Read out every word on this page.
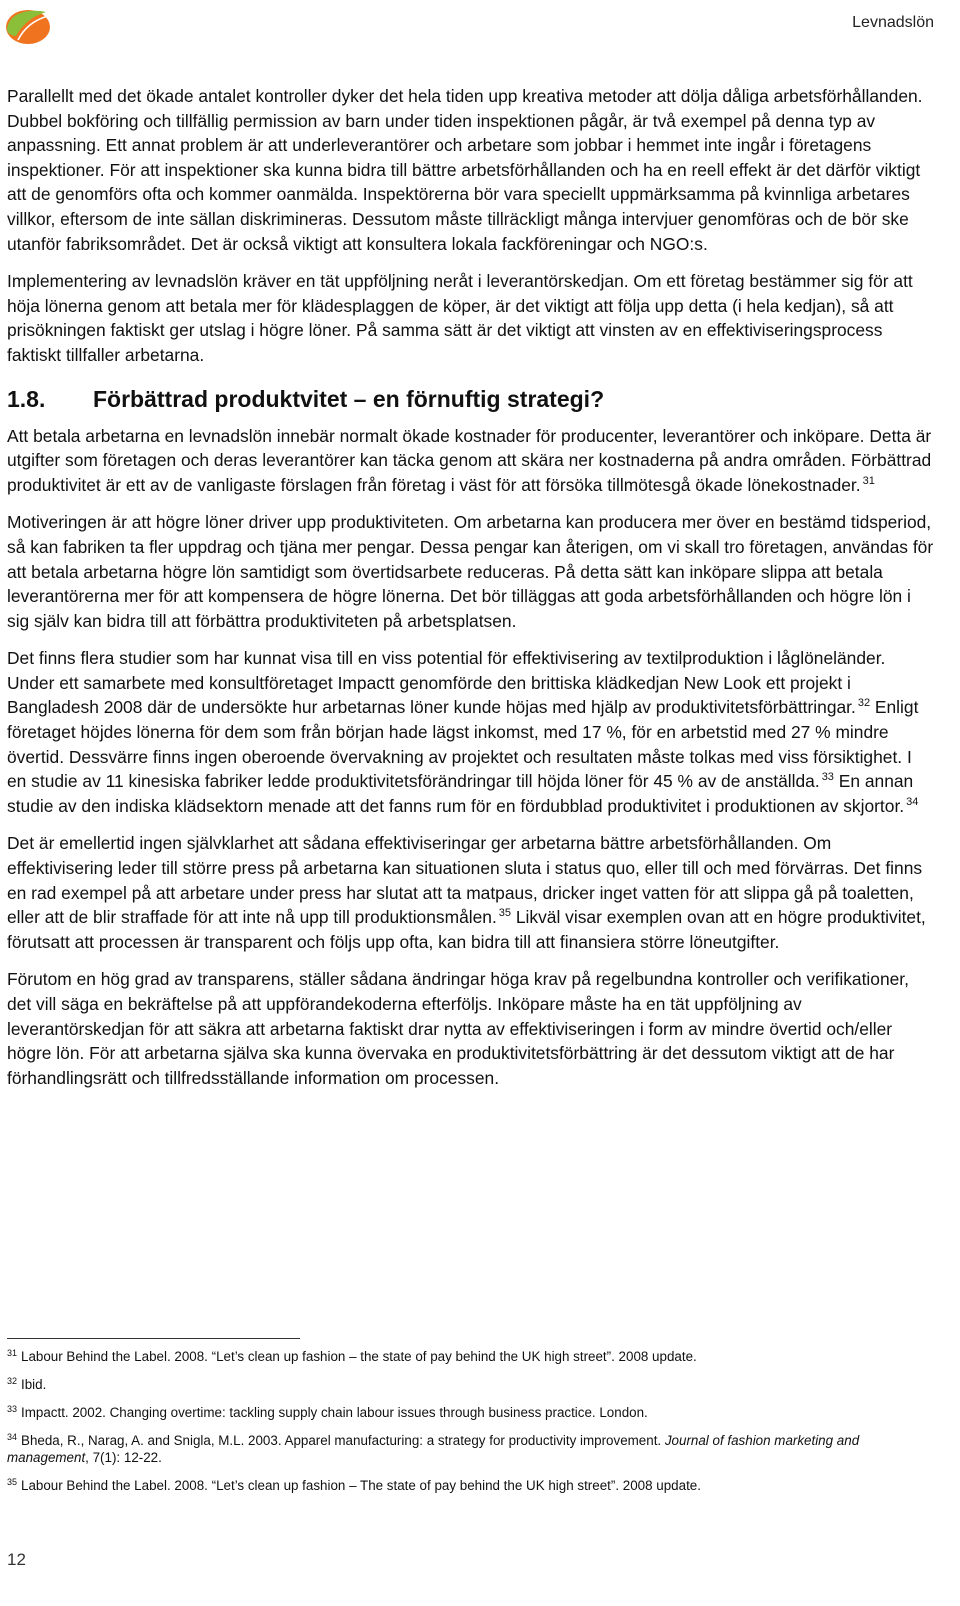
Levnadslön

Parallellt med det ökade antalet kontroller dyker det hela tiden upp kreativa metoder att dölja dåliga arbetsförhållanden. Dubbel bokföring och tillfällig permission av barn under tiden inspektionen pågår, är två exempel på denna typ av anpassning. Ett annat problem är att underleverantörer och arbetare som jobbar i hemmet inte ingår i företagens inspektioner. För att inspektioner ska kunna bidra till bättre arbetsförhållanden och ha en reell effekt är det därför viktigt att de genomförs ofta och kommer oanmälda. Inspektörerna bör vara speciellt uppmärksamma på kvinnliga arbetares villkor, eftersom de inte sällan diskrimineras. Dessutom måste tillräckligt många intervjuer genomföras och de bör ske utanför fabriksområdet. Det är också viktigt att konsultera lokala fackföreningar och NGO:s.

Implementering av levnadslön kräver en tät uppföljning neråt i leverantörskedjan. Om ett företag bestämmer sig för att höja lönerna genom att betala mer för klädesplaggen de köper, är det viktigt att följa upp detta (i hela kedjan), så att prisökningen faktiskt ger utslag i högre löner. På samma sätt är det viktigt att vinsten av en effektiviseringsprocess faktiskt tillfaller arbetarna.

1.8. Förbättrad produktvitet – en förnuftig strategi?

Att betala arbetarna en levnadslön innebär normalt ökade kostnader för producenter, leverantörer och inköpare. Detta är utgifter som företagen och deras leverantörer kan täcka genom att skära ner kostnaderna på andra områden. Förbättrad produktivitet är ett av de vanligaste förslagen från företag i väst för att försöka tillmötesgå ökade lönekostnader. $^{31}$

Motiveringen är att högre löner driver upp produktiviteten. Om arbetarna kan producera mer över en bestämd tidsperiod, så kan fabriken ta fler uppdrag och tjäna mer pengar. Dessa pengar kan återigen, om vi skall tro företagen, användas för att betala arbetarna högre lön samtidigt som övertidsarbete reduceras. På detta sätt kan inköpare slippa att betala leverantörerna mer för att kompensera de högre lönerna. Det bör tilläggas att goda arbetsförhållanden och högre lön i sig själv kan bidra till att förbättra produktiviteten på arbetsplatsen.

Det finns flera studier som har kunnat visa till en viss potential för effektivisering av textilproduktion i låglöneländer. Under ett samarbete med konsultföretaget Impactt genomförde den brittiska klädkedjan New Look ett projekt i Bangladesh 2008 där de undersökte hur arbetarnas löner kunde höjas med hjälp av produktivitetsförbättringar. $^{32}$ Enligt företaget höjdes lönerna för dem som från början hade lägst inkomst, med 17 %, för en arbetstid med 27 % mindre övertid. Dessvärre finns ingen oberoende övervakning av projektet och resultaten måste tolkas med viss försiktighet. I en studie av 11 kinesiska fabriker ledde produktivitetsförändringar till höjda löner för 45 % av de anställda. $^{33}$ En annan studie av den indiska klädsektorn menade att det fanns rum för en fördubblad produktivitet i produktionen av skjortor. $^{34}$

Det är emellertid ingen självklarhet att sådana effektiviseringar ger arbetarna bättre arbetsförhållanden. Om effektivisering leder till större press på arbetarna kan situationen sluta i status quo, eller till och med förvärras. Det finns en rad exempel på att arbetare under press har slutat att ta matpaus, dricker inget vatten för att slippa gå på toaletten, eller att de blir straffade för att inte nå upp till produktionsmålen. $^{35}$ Likväl visar exemplen ovan att en högre produktivitet, förutsatt att processen är transparent och följs upp ofta, kan bidra till att finansiera större löneutgifter.

Förutom en hög grad av transparens, ställer sådana ändringar höga krav på regelbundna kontroller och verifikationer, det vill säga en bekräftelse på att uppförandekoderna efterföljs. Inköpare måste ha en tät uppföljning av leverantörskedjan för att säkra att arbetarna faktiskt drar nytta av effektiviseringen i form av mindre övertid och/eller högre lön. För att arbetarna själva ska kunna övervaka en produktivitetsförbättring är det dessutom viktigt att de har förhandlingsrätt och tillfredsställande information om processen.

$^{31}$ Labour Behind the Label. 2008. “Let’s clean up fashion – the state of pay behind the UK high street”. 2008 update.
$^{32}$ Ibid.
$^{33}$ Impactt. 2002. Changing overtime: tackling supply chain labour issues through business practice. London.
$^{34}$ Bheda, R., Narag, A. and Snigla, M.L. 2003. Apparel manufacturing: a strategy for productivity improvement. Journal of fashion marketing and management, 7(1): 12-22.
$^{35}$ Labour Behind the Label. 2008. “Let’s clean up fashion – The state of pay behind the UK high street”. 2008 update.
12
